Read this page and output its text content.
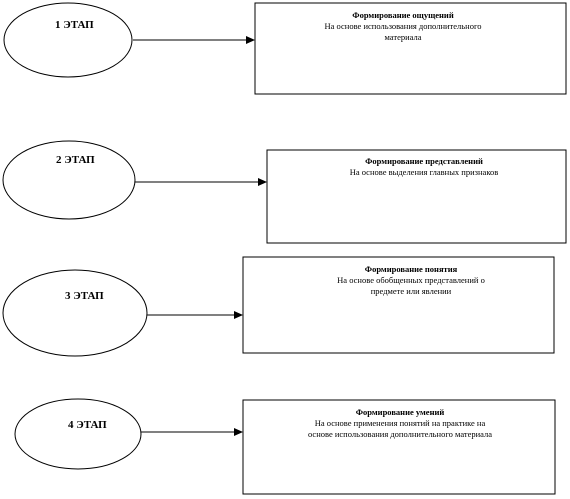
1 ЭТАП
2 ЭТАП
3 ЭТАП
4 ЭТАП
Формирование ощущений
На основе использования дополнительного
материала
Формирование представлений
На основе выделения главных признаков
Формирование понятия
На основе обобщенных представлений о
предмете или явлении
Формирование умений
На основе применения понятий на практике на
основе использования дополнительного материала
